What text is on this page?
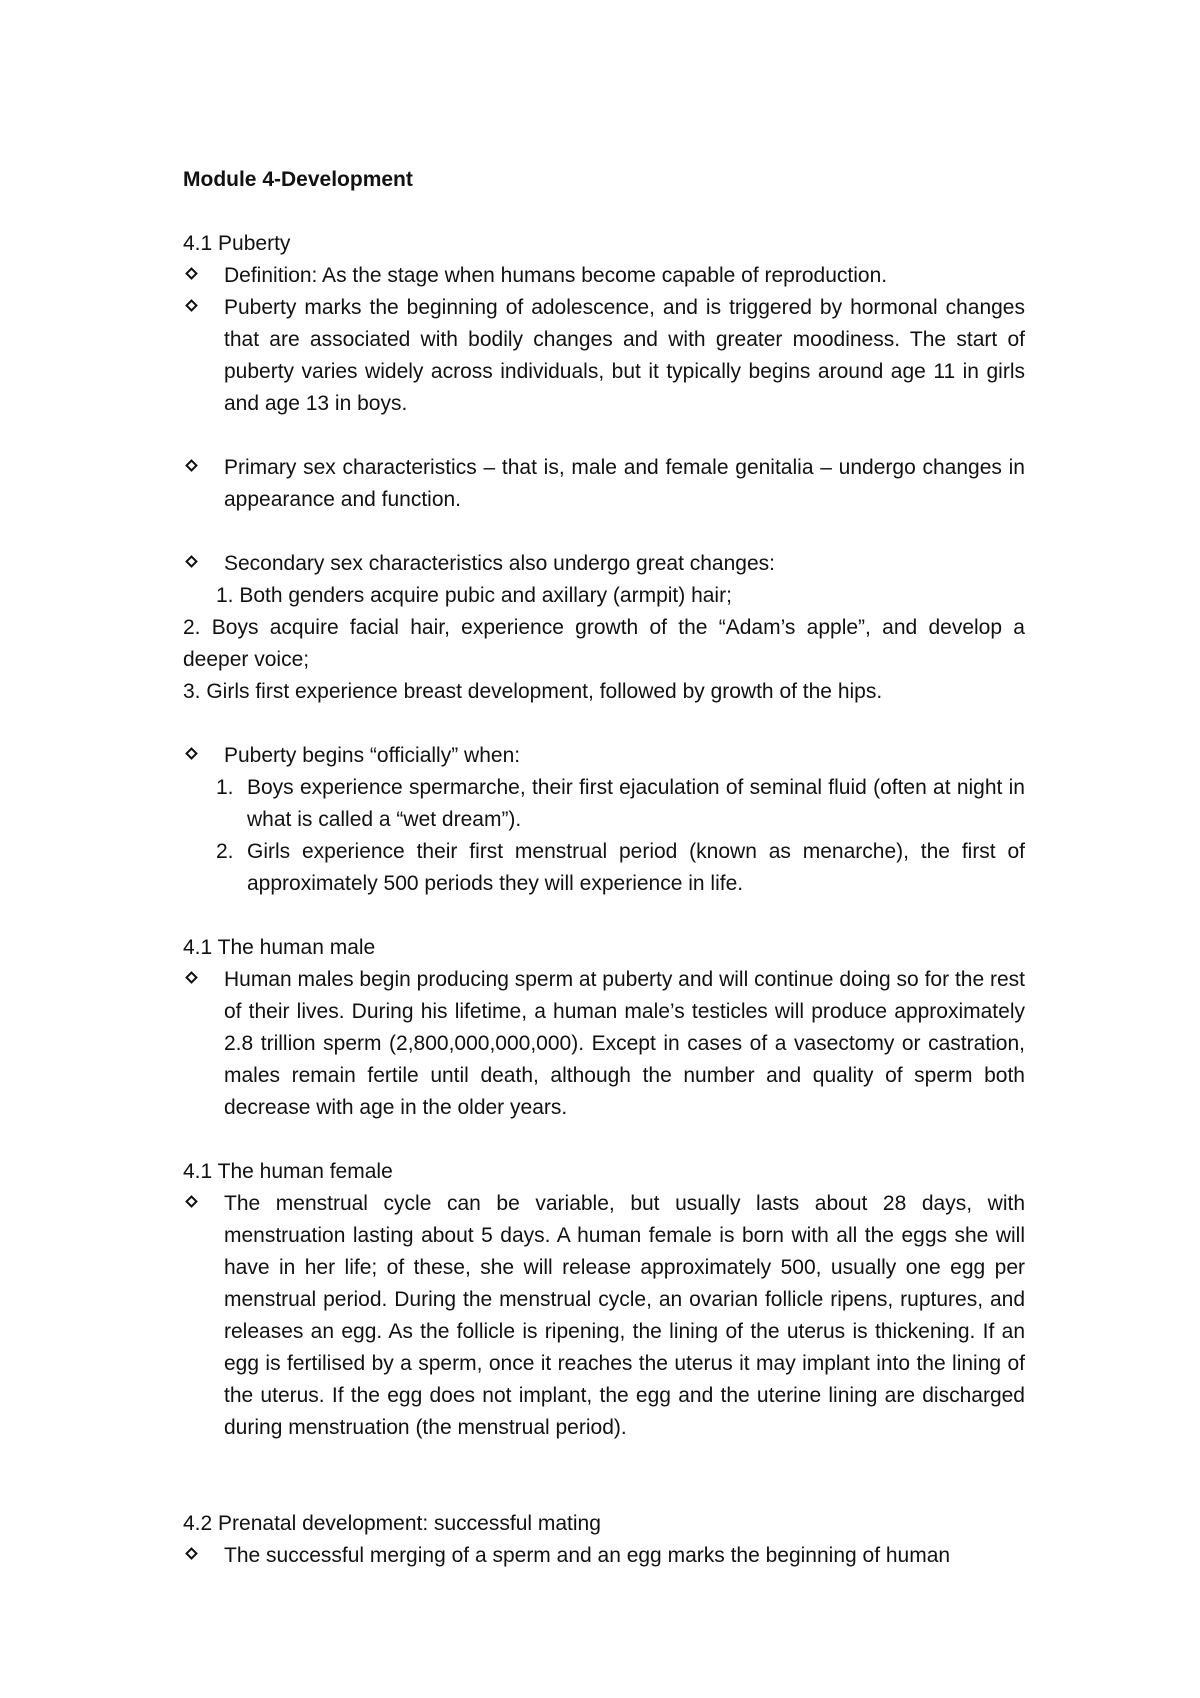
Module 4-Development

4.1 Puberty

Definition: As the stage when humans become capable of reproduction.

Puberty marks the beginning of adolescence, and is triggered by hormonal changes that are associated with bodily changes and with greater moodiness. The start of puberty varies widely across individuals, but it typically begins around age 11 in girls and age 13 in boys.

Primary sex characteristics – that is, male and female genitalia – undergo changes in appearance and function.

Secondary sex characteristics also undergo great changes:

1. Both genders acquire pubic and axillary (armpit) hair;

2. Boys acquire facial hair, experience growth of the “Adam’s apple”, and develop a deeper voice;

3. Girls first experience breast development, followed by growth of the hips.

Puberty begins “officially” when:

1. Boys experience spermarche, their first ejaculation of seminal fluid (often at night in what is called a “wet dream”).

2. Girls experience their first menstrual period (known as menarche), the first of approximately 500 periods they will experience in life.

4.1 The human male

Human males begin producing sperm at puberty and will continue doing so for the rest of their lives. During his lifetime, a human male’s testicles will produce approximately 2.8 trillion sperm (2,800,000,000,000). Except in cases of a vasectomy or castration, males remain fertile until death, although the number and quality of sperm both decrease with age in the older years.

4.1 The human female

The menstrual cycle can be variable, but usually lasts about 28 days, with menstruation lasting about 5 days. A human female is born with all the eggs she will have in her life; of these, she will release approximately 500, usually one egg per menstrual period. During the menstrual cycle, an ovarian follicle ripens, ruptures, and releases an egg. As the follicle is ripening, the lining of the uterus is thickening. If an egg is fertilised by a sperm, once it reaches the uterus it may implant into the lining of the uterus. If the egg does not implant, the egg and the uterine lining are discharged during menstruation (the menstrual period).

4.2 Prenatal development: successful mating

The successful merging of a sperm and an egg marks the beginning of human
